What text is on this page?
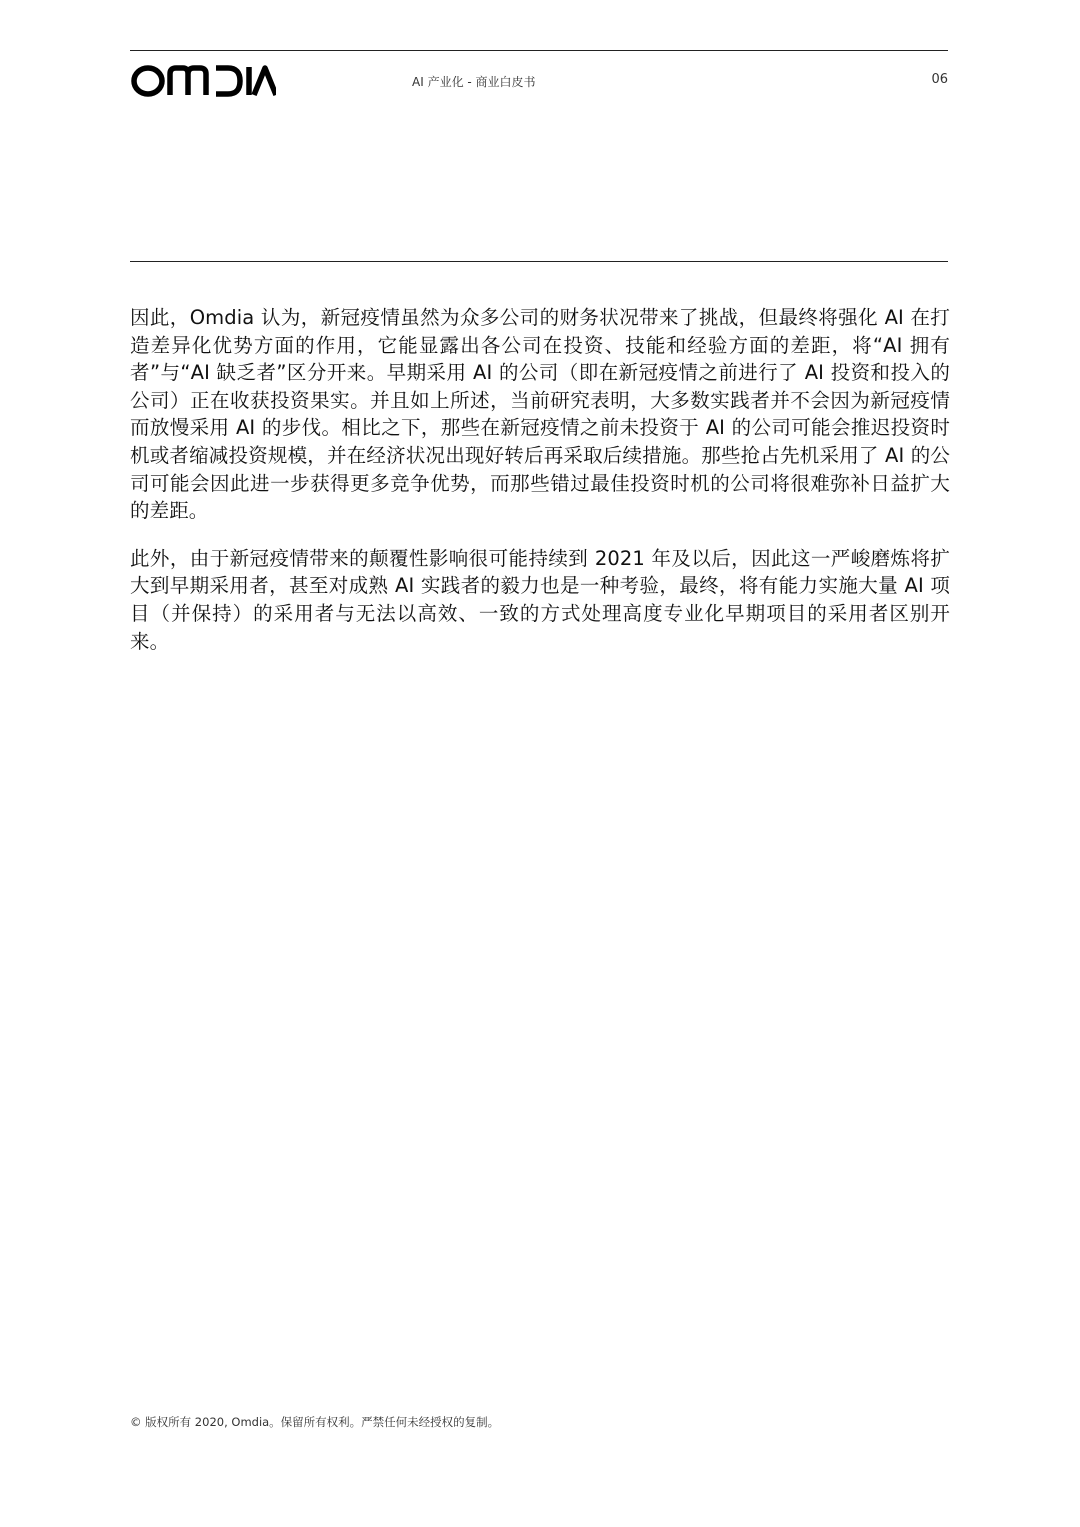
AI 产业化 - 商业白皮书	06

因此，Omdia 认为，新冠疫情虽然为众多公司的财务状况带来了挑战，但最终将强化 AI 在打造差异化优势方面的作用，它能显露出各公司在投资、技能和经验方面的差距，将“AI 拥有者”与“AI 缺乏者”区分开来。早期采用 AI 的公司（即在新冠疫情之前进行了 AI 投资和投入的公司）正在收获投资果实。并且如上所述，当前研究表明，大多数实践者并不会因为新冠疫情而放慢采用 AI 的步伐。相比之下，那些在新冠疫情之前未投资于 AI 的公司可能会推迟投资时机或者缩减投资规模，并在经济状况出现好转后再采取后续措施。那些抢占先机采用了 AI 的公司可能会因此进一步获得更多竞争优势，而那些错过最佳投资时机的公司将很难弥补日益扩大的差距。

此外，由于新冠疫情带来的颠覆性影响很可能持续到 2021 年及以后，因此这一严峻磨炼将扩大到早期采用者，甚至对成熟 AI 实践者的毅力也是一种考验，最终，将有能力实施大量 AI 项目（并保持）的采用者与无法以高效、一致的方式处理高度专业化早期项目的采用者区别开来。

© 版权所有 2020, Omdia。保留所有权利。严禁任何未经授权的复制。
